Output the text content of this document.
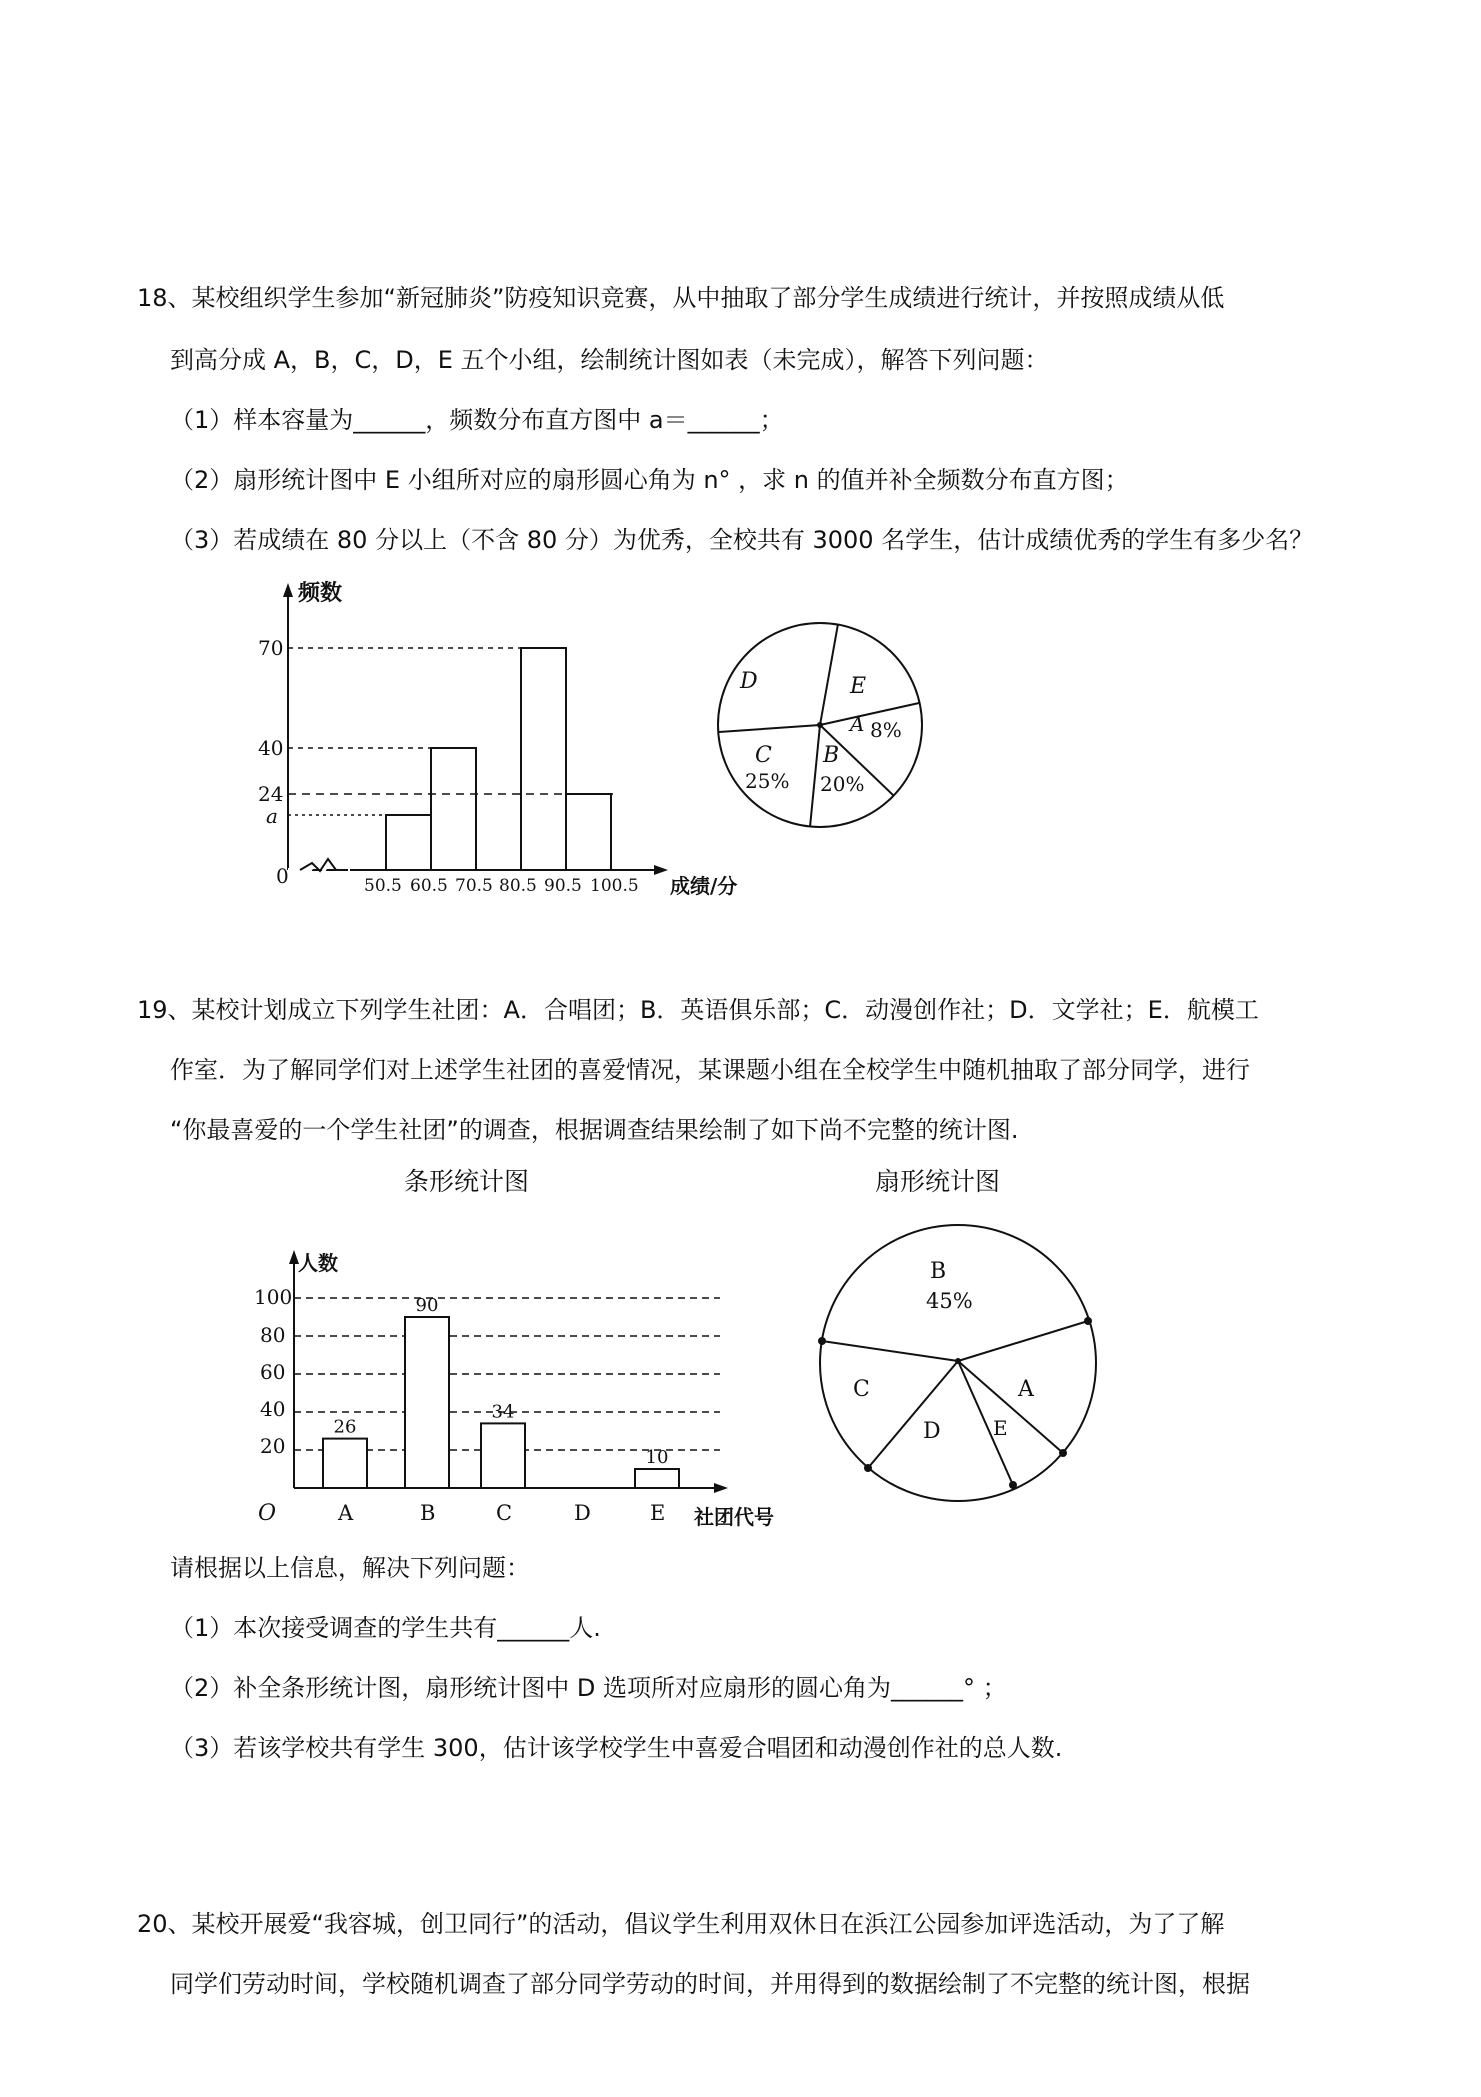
18、某校组织学生参加“新冠肺炎”防疫知识竞赛，从中抽取了部分学生成绩进行统计，并按照成绩从低
到高分成 A，B，C，D，E 五个小组，绘制统计图如表（未完成），解答下列问题：
（1）样本容量为______，频数分布直方图中 a＝______；
（2）扇形统计图中 E 小组所对应的扇形圆心角为 n° ，求 n 的值并补全频数分布直方图；
（3）若成绩在 80 分以上（不含 80 分）为优秀，全校共有 3000 名学生，估计成绩优秀的学生有多少名？
频数
70
40
24
a
0	50.5 60.5 70.5 80.5 90.5 100.5 成绩/分
D	E
A 8%
C
25%
B
20%
19、某校计划成立下列学生社团：A．合唱团；B．英语俱乐部；C．动漫创作社；D．文学社；E．航模工
作室．为了解同学们对上述学生社团的喜爱情况，某课题小组在全校学生中随机抽取了部分同学，进行
“你最喜爱的一个学生社团”的调查，根据调查结果绘制了如下尚不完整的统计图.
条形统计图	扇形统计图
26
90
34
10
人数
100
80
60
40
20
O	A	B	C	D	E 社团代号
B
45%
C	A
D	E
请根据以上信息，解决下列问题：
（1）本次接受调查的学生共有______人.
（2）补全条形统计图，扇形统计图中 D 选项所对应扇形的圆心角为______° ；
（3）若该学校共有学生 300，估计该学校学生中喜爱合唱团和动漫创作社的总人数.
20、某校开展爱“我容城，创卫同行”的活动，倡议学生利用双休日在浜江公园参加评选活动，为了了解
同学们劳动时间，学校随机调查了部分同学劳动的时间，并用得到的数据绘制了不完整的统计图，根据
